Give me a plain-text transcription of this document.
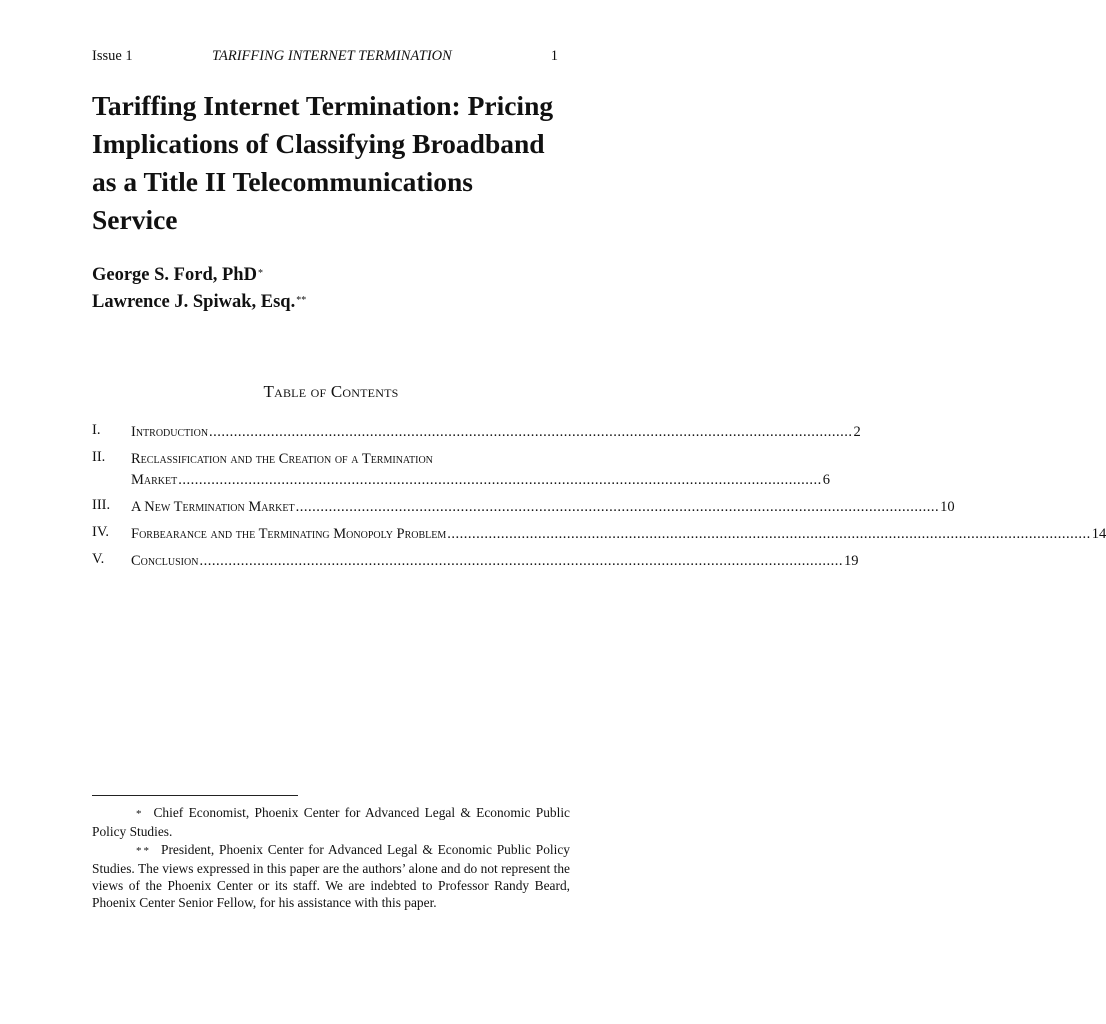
Issue 1	TARIFFING INTERNET TERMINATION	1
Tariffing Internet Termination: Pricing Implications of Classifying Broadband as a Title II Telecommunications Service
George S. Ford, PhD*
Lawrence J. Spiwak, Esq.**
Table of Contents
I. Introduction ............................................................................................................................................................ 2
II. Reclassification and the Creation of a Termination
Market ............................................................................................................................................................ 6
III. A New Termination Market ............................................................................................................................................................ 10
IV. Forbearance and the Terminating Monopoly Problem ............................................................................................................................................................ 14
V. Conclusion ............................................................................................................................................................ 19

* Chief Economist, Phoenix Center for Advanced Legal & Economic Public Policy Studies.

** President, Phoenix Center for Advanced Legal & Economic Public Policy Studies. The views expressed in this paper are the authors’ alone and do not represent the views of the Phoenix Center or its staff. We are indebted to Professor Randy Beard, Phoenix Center Senior Fellow, for his assistance with this paper.
